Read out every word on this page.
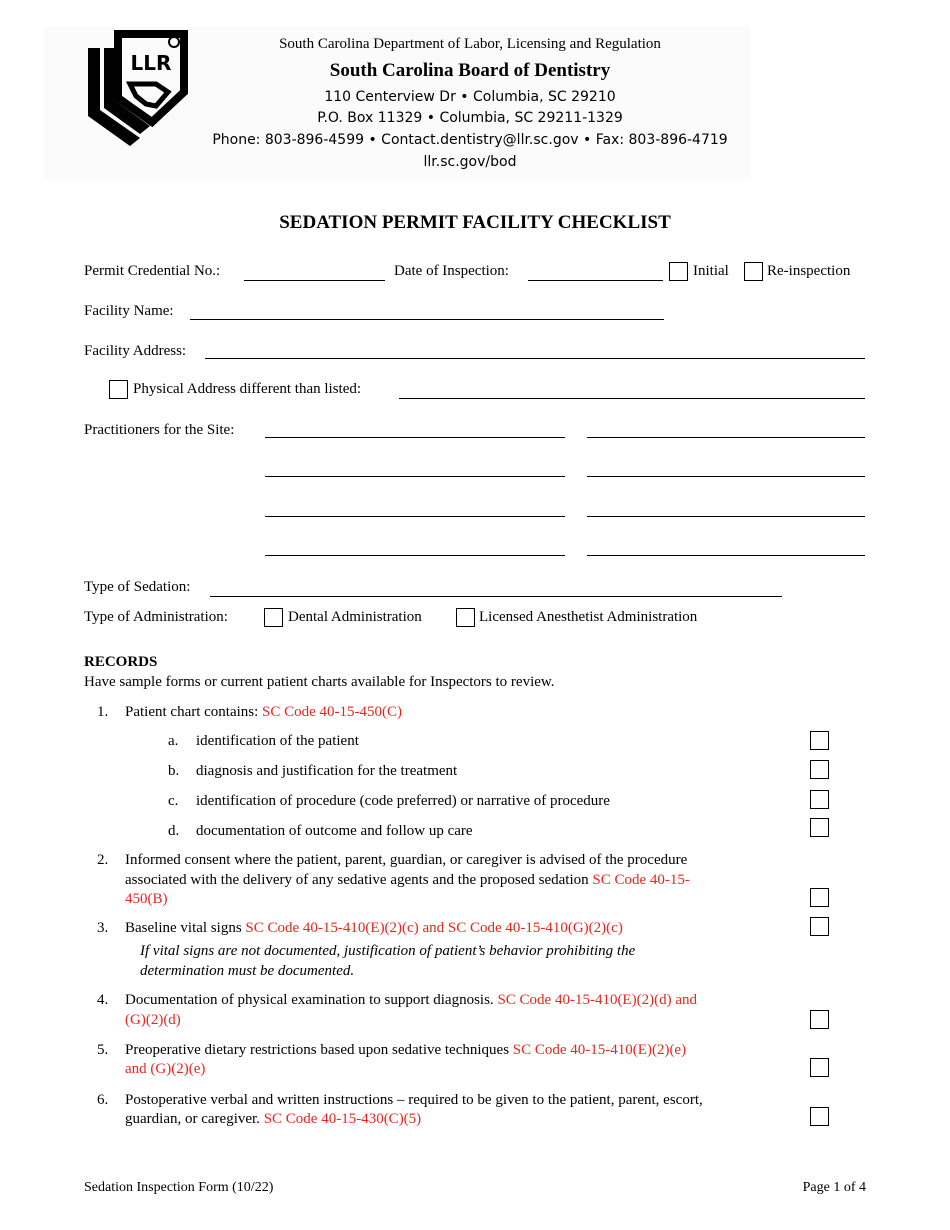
LLR
South Carolina Department of Labor, Licensing and Regulation
South Carolina Board of Dentistry
110 Centerview Dr • Columbia, SC 29210
P.O. Box 11329 • Columbia, SC 29211-1329
Phone: 803-896-4599 • Contact.dentistry@llr.sc.gov • Fax: 803-896-4719
llr.sc.gov/bod
SEDATION PERMIT FACILITY CHECKLIST
Permit Credential No.:	Date of Inspection:	Initial	Re-inspection
Facility Name:
Facility Address:
Physical Address different than listed:
Practitioners for the Site:
Type of Sedation:
Type of Administration:	Dental Administration	Licensed Anesthetist Administration
RECORDS
Have sample forms or current patient charts available for Inspectors to review.
1. Patient chart contains: SC Code 40-15-450(C)
a. identification of the patient
b. diagnosis and justification for the treatment
c. identification of procedure (code preferred) or narrative of procedure
d. documentation of outcome and follow up care
2. Informed consent where the patient, parent, guardian, or caregiver is advised of the procedure
associated with the delivery of any sedative agents and the proposed sedation SC Code 40-15-
450(B)
3. Baseline vital signs SC Code 40-15-410(E)(2)(c) and SC Code 40-15-410(G)(2)(c)
If vital signs are not documented, justification of patient’s behavior prohibiting the
determination must be documented.
4. Documentation of physical examination to support diagnosis. SC Code 40-15-410(E)(2)(d) and
(G)(2)(d)
5. Preoperative dietary restrictions based upon sedative techniques SC Code 40-15-410(E)(2)(e)
and (G)(2)(e)
6. Postoperative verbal and written instructions – required to be given to the patient, parent, escort,
guardian, or caregiver. SC Code 40-15-430(C)(5)
Sedation Inspection Form (10/22)	Page 1 of 4
